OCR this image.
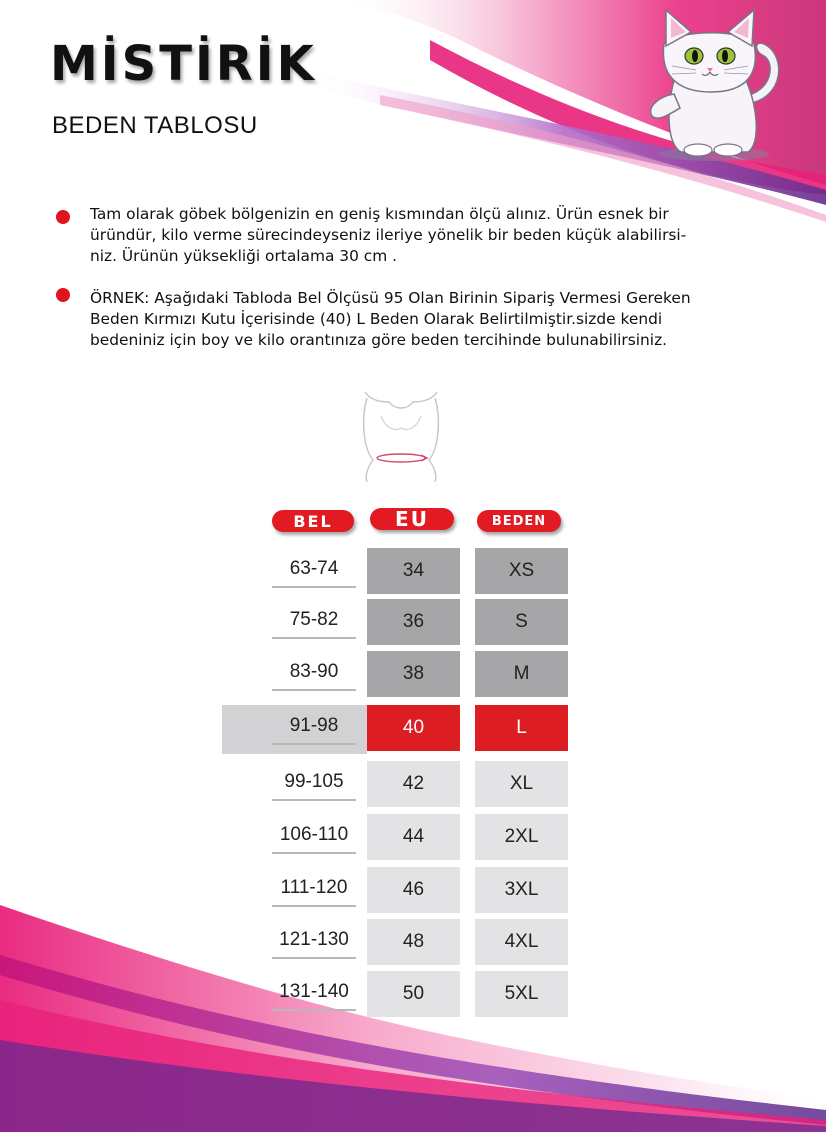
MİSTİRİK
BEDEN TABLOSU
Tam olarak göbek bölgenizin en geniş kısmından ölçü alınız. Ürün esnek bir
üründür, kilo verme sürecindeyseniz ileriye yönelik bir beden küçük alabilirsi-
niz. Ürünün yüksekliği ortalama 30 cm .
ÖRNEK: Aşağıdaki Tabloda Bel Ölçüsü 95 Olan Birinin Sipariş Vermesi Gereken
Beden Kırmızı Kutu İçerisinde (40) L Beden Olarak Belirtilmiştir.sizde kendi
bedeniniz için boy ve kilo orantınıza göre beden tercihinde bulunabilirsiniz.
BEL	EU	BEDEN
63-74	34	XS
75-82	36	S
83-90	38	M
91-98	40	L
99-105	42	XL
106-110	44	2XL
111-120	46	3XL
121-130	48	4XL
131-140	50	5XL
